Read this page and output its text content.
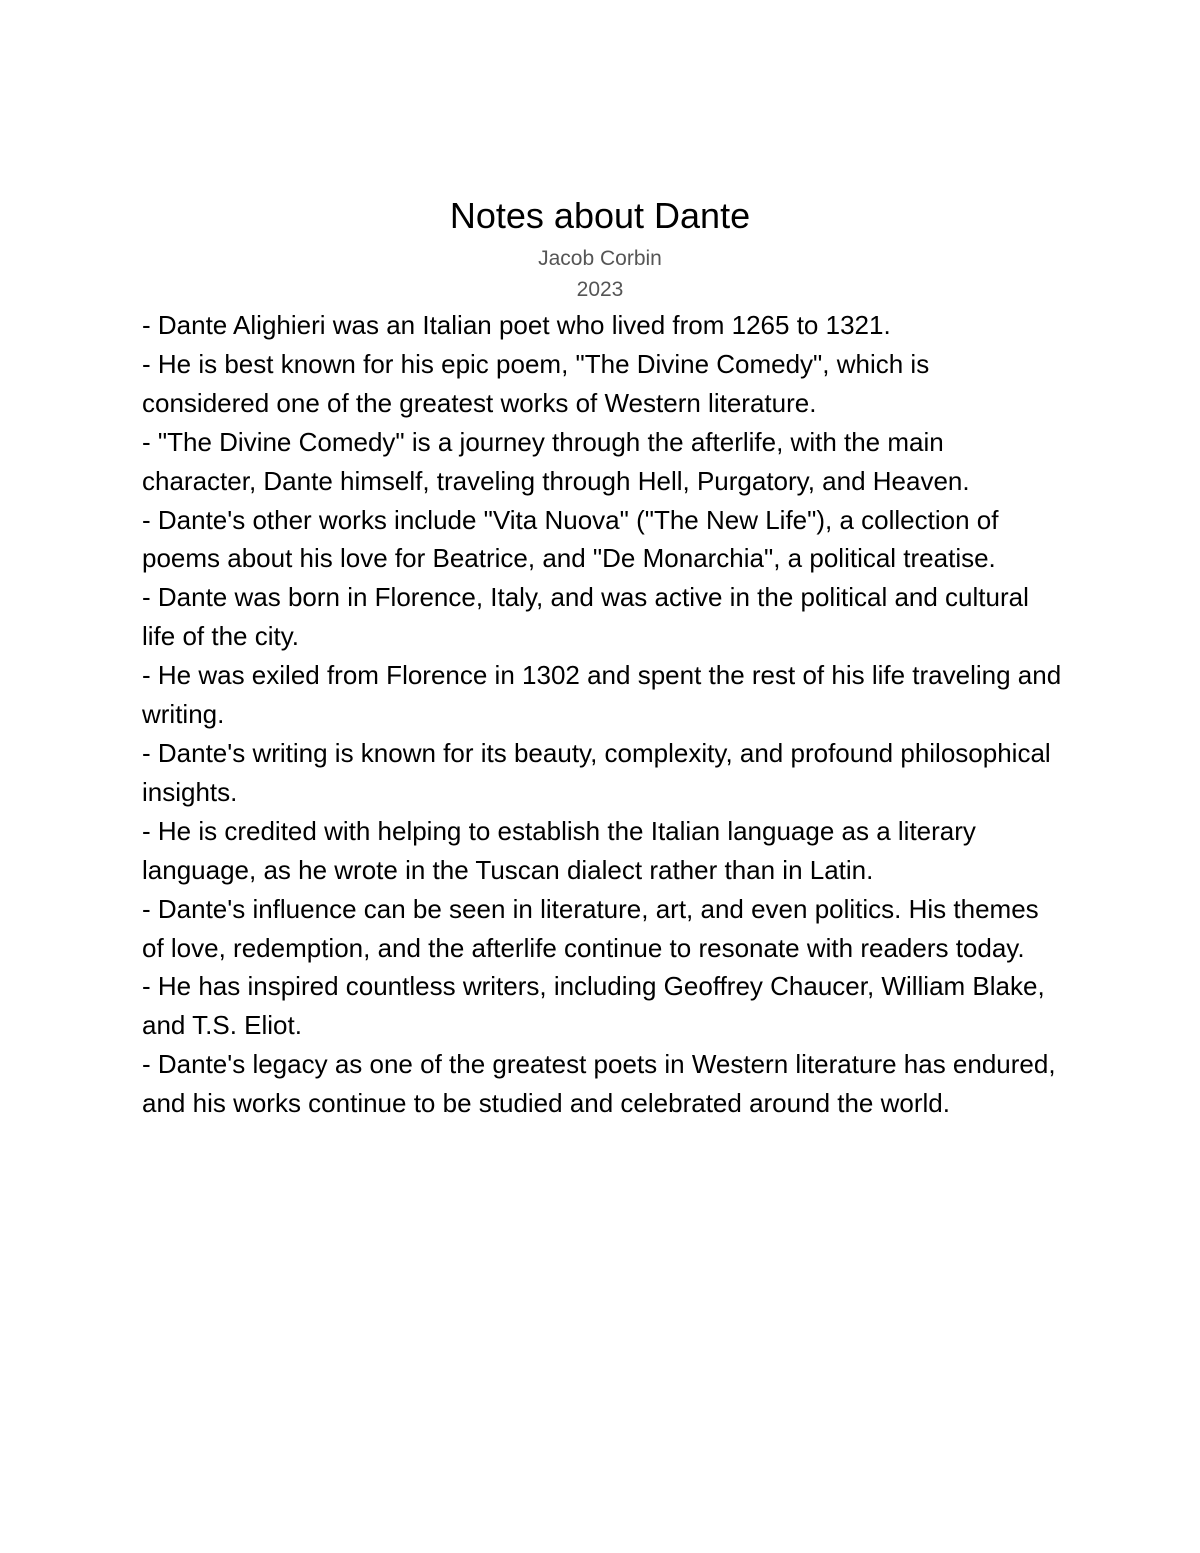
Notes about Dante
Jacob Corbin
2023
- Dante Alighieri was an Italian poet who lived from 1265 to 1321.
- He is best known for his epic poem, "The Divine Comedy", which is considered one of the greatest works of Western literature.
- "The Divine Comedy" is a journey through the afterlife, with the main character, Dante himself, traveling through Hell, Purgatory, and Heaven.
- Dante's other works include "Vita Nuova" ("The New Life"), a collection of poems about his love for Beatrice, and "De Monarchia", a political treatise.
- Dante was born in Florence, Italy, and was active in the political and cultural life of the city.
- He was exiled from Florence in 1302 and spent the rest of his life traveling and writing.
- Dante's writing is known for its beauty, complexity, and profound philosophical insights.
- He is credited with helping to establish the Italian language as a literary language, as he wrote in the Tuscan dialect rather than in Latin.
- Dante's influence can be seen in literature, art, and even politics. His themes of love, redemption, and the afterlife continue to resonate with readers today.
- He has inspired countless writers, including Geoffrey Chaucer, William Blake, and T.S. Eliot.
- Dante's legacy as one of the greatest poets in Western literature has endured, and his works continue to be studied and celebrated around the world.
